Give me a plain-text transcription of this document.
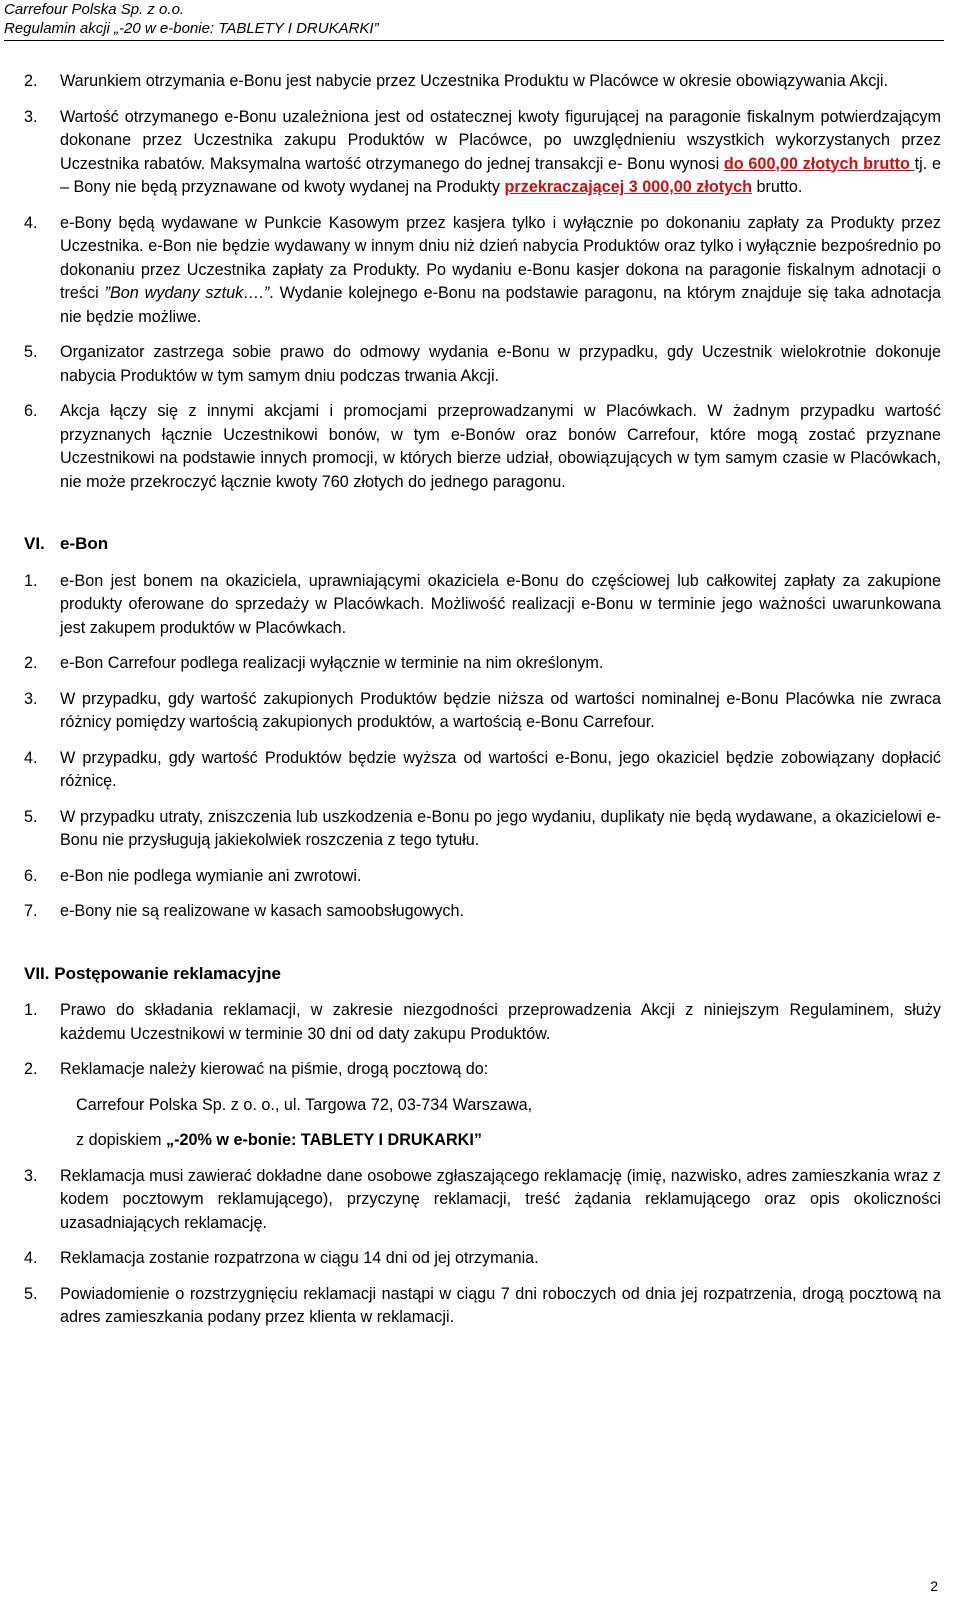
Carrefour Polska Sp. z o.o.
Regulamin akcji „-20 w e-bonie: TABLETY I DRUKARKI”
2.	Warunkiem otrzymania e-Bonu jest nabycie przez Uczestnika Produktu w Placówce w okresie obowiązywania Akcji.
3.	Wartość otrzymanego e-Bonu uzależniona jest od ostatecznej kwoty figurującej na paragonie fiskalnym potwierdzającym dokonane przez Uczestnika zakupu Produktów w Placówce, po uwzględnieniu wszystkich wykorzystanych przez Uczestnika rabatów. Maksymalna wartość otrzymanego do jednej transakcji e- Bonu wynosi do 600,00 złotych brutto tj. e – Bony nie będą przyznawane od kwoty wydanej na Produkty przekraczającej 3 000,00 złotych brutto.
4.	e-Bony będą wydawane w Punkcie Kasowym przez kasjera tylko i wyłącznie po dokonaniu zapłaty za Produkty przez Uczestnika. e-Bon nie będzie wydawany w innym dniu niż dzień nabycia Produktów oraz tylko i wyłącznie bezpośrednio po dokonaniu przez Uczestnika zapłaty za Produkty. Po wydaniu e-Bonu kasjer dokona na paragonie fiskalnym adnotacji o treści ”Bon wydany sztuk….”. Wydanie kolejnego e-Bonu na podstawie paragonu, na którym znajduje się taka adnotacja nie będzie możliwe.
5.	Organizator zastrzega sobie prawo do odmowy wydania e-Bonu w przypadku, gdy Uczestnik wielokrotnie dokonuje nabycia Produktów w tym samym dniu podczas trwania Akcji.
6.	Akcja łączy się z innymi akcjami i promocjami przeprowadzanymi w Placówkach. W żadnym przypadku wartość przyznanych łącznie Uczestnikowi bonów, w tym e-Bonów oraz bonów Carrefour, które mogą zostać przyznane Uczestnikowi na podstawie innych promocji, w których bierze udział, obowiązujących w tym samym czasie w Placówkach, nie może przekroczyć łącznie kwoty 760 złotych do jednego paragonu.
VI. e-Bon
1.	e-Bon jest bonem na okaziciela, uprawniającymi okaziciela e-Bonu do częściowej lub całkowitej zapłaty za zakupione produkty oferowane do sprzedaży w Placówkach. Możliwość realizacji e-Bonu w terminie jego ważności uwarunkowana jest zakupem produktów w Placówkach.
2.	e-Bon Carrefour podlega realizacji wyłącznie w terminie na nim określonym.
3.	W przypadku, gdy wartość zakupionych Produktów będzie niższa od wartości nominalnej e-Bonu Placówka nie zwraca różnicy pomiędzy wartością zakupionych produktów, a wartością e-Bonu Carrefour.
4.	W przypadku, gdy wartość Produktów będzie wyższa od wartości e-Bonu, jego okaziciel będzie zobowiązany dopłacić różnicę.
5.	W przypadku utraty, zniszczenia lub uszkodzenia e-Bonu po jego wydaniu, duplikaty nie będą wydawane, a okazicielowi e-Bonu nie przysługują jakiekolwiek roszczenia z tego tytułu.
6.	e-Bon nie podlega wymianie ani zwrotowi.
7.	e-Bony nie są realizowane w kasach samoobsługowych.
VII. Postępowanie reklamacyjne
1.	Prawo do składania reklamacji, w zakresie niezgodności przeprowadzenia Akcji z niniejszym Regulaminem, służy każdemu Uczestnikowi w terminie 30 dni od daty zakupu Produktów.
2.	Reklamacje należy kierować na piśmie, drogą pocztową do:
Carrefour Polska Sp. z o. o., ul. Targowa 72, 03-734 Warszawa,
z dopiskiem „-20% w e-bonie: TABLETY I DRUKARKI”
3.	Reklamacja musi zawierać dokładne dane osobowe zgłaszającego reklamację (imię, nazwisko, adres zamieszkania wraz z kodem pocztowym reklamującego), przyczynę reklamacji, treść żądania reklamującego oraz opis okoliczności uzasadniających reklamację.
4.	Reklamacja zostanie rozpatrzona w ciągu 14 dni od jej otrzymania.
5.	Powiadomienie o rozstrzygnięciu reklamacji nastąpi w ciągu 7 dni roboczych od dnia jej rozpatrzenia, drogą pocztową na adres zamieszkania podany przez klienta w reklamacji.
2
